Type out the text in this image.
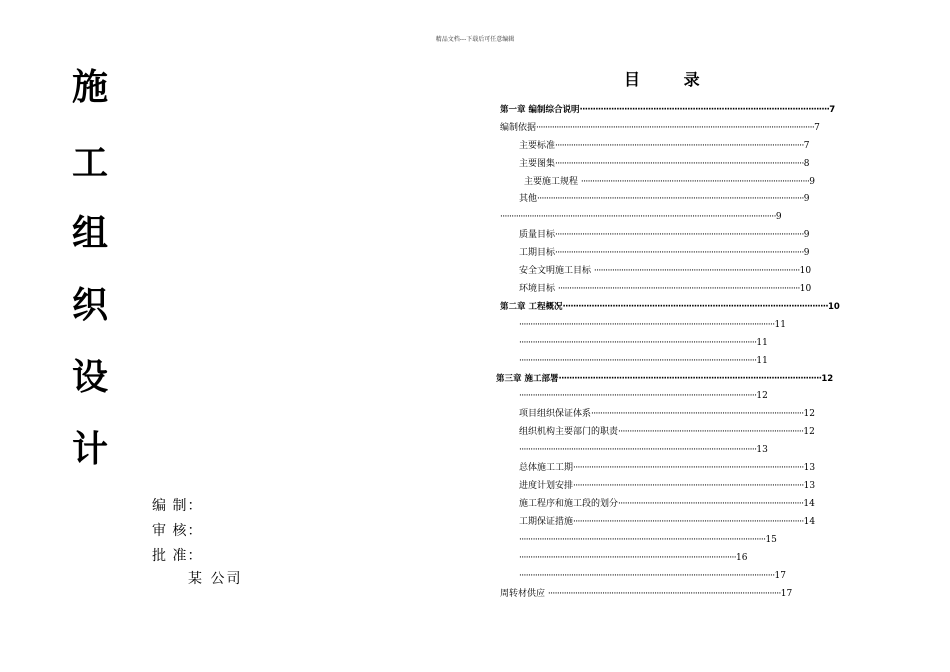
精品文档---下载后可任意编辑
施
工
组
织
设
计
编 制：
审 核：
批 准：
某 公司
目 录
第一章 编制综合说明·······························································································7
编制依据···························································································································7
主要标准··············································································································7
主要图集··············································································································8
主要施工规程 ·····································································································9
其他······················································································································9
··························································································································9
质量目标··············································································································9
工期目标··············································································································9
安全文明施工目标 ···························································································10
环境目标 ···········································································································10
第二章 工程概况·····································································································10
·················································································································11
·········································································································11
·········································································································11
第三章 施工部署····································································································12
·········································································································12
项目组织保证体系······························································································12
组织机构主要部门的职责··················································································12
·········································································································13
总体施工工期······································································································13
进度计划安排······································································································13
施工程序和施工段的划分··················································································14
工期保证措施······································································································14
·············································································································15
································································································16
·················································································································17
周转材供应 ·······································································································17
